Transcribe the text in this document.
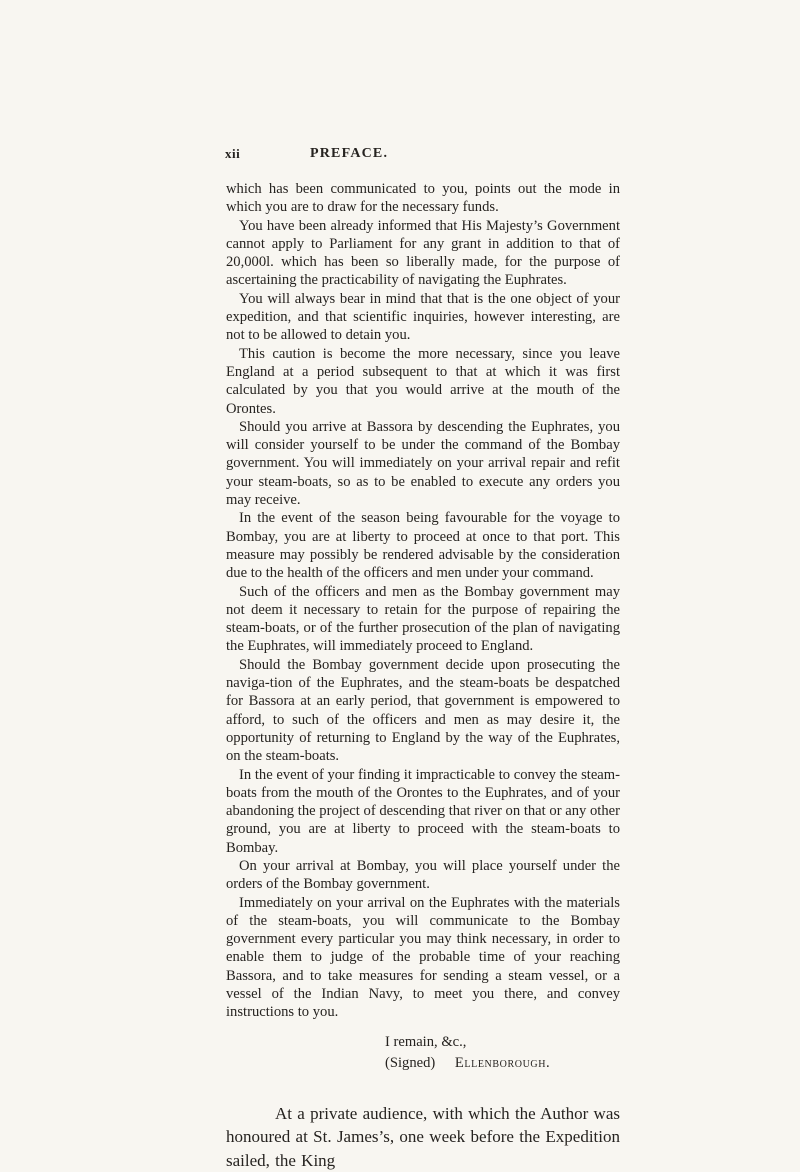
xii	PREFACE.

which has been communicated to you, points out the mode in which you are to draw for the necessary funds.

You have been already informed that His Majesty’s Government cannot apply to Parliament for any grant in addition to that of 20,000l. which has been so liberally made, for the purpose of ascertaining the practicability of navigating the Euphrates.

You will always bear in mind that that is the one object of your expedition, and that scientific inquiries, however interesting, are not to be allowed to detain you.

This caution is become the more necessary, since you leave England at a period subsequent to that at which it was first calculated by you that you would arrive at the mouth of the Orontes.

Should you arrive at Bassora by descending the Euphrates, you will consider yourself to be under the command of the Bombay government. You will immediately on your arrival repair and refit your steam-boats, so as to be enabled to execute any orders you may receive.

In the event of the season being favourable for the voyage to Bombay, you are at liberty to proceed at once to that port. This measure may possibly be rendered advisable by the consideration due to the health of the officers and men under your command.

Such of the officers and men as the Bombay government may not deem it necessary to retain for the purpose of repairing the steam-boats, or of the further prosecution of the plan of navigating the Euphrates, will immediately proceed to England.

Should the Bombay government decide upon prosecuting the naviga-tion of the Euphrates, and the steam-boats be despatched for Bassora at an early period, that government is empowered to afford, to such of the officers and men as may desire it, the opportunity of returning to England by the way of the Euphrates, on the steam-boats.

In the event of your finding it impracticable to convey the steam-boats from the mouth of the Orontes to the Euphrates, and of your abandoning the project of descending that river on that or any other ground, you are at liberty to proceed with the steam-boats to Bombay.

On your arrival at Bombay, you will place yourself under the orders of the Bombay government.

Immediately on your arrival on the Euphrates with the materials of the steam-boats, you will communicate to the Bombay government every particular you may think necessary, in order to enable them to judge of the probable time of your reaching Bassora, and to take measures for sending a steam vessel, or a vessel of the Indian Navy, to meet you there, and convey instructions to you.

I remain, &c.,
(Signed) Ellenborough.

At a private audience, with which the Author was honoured at St. James’s, one week before the Expedition sailed, the King
